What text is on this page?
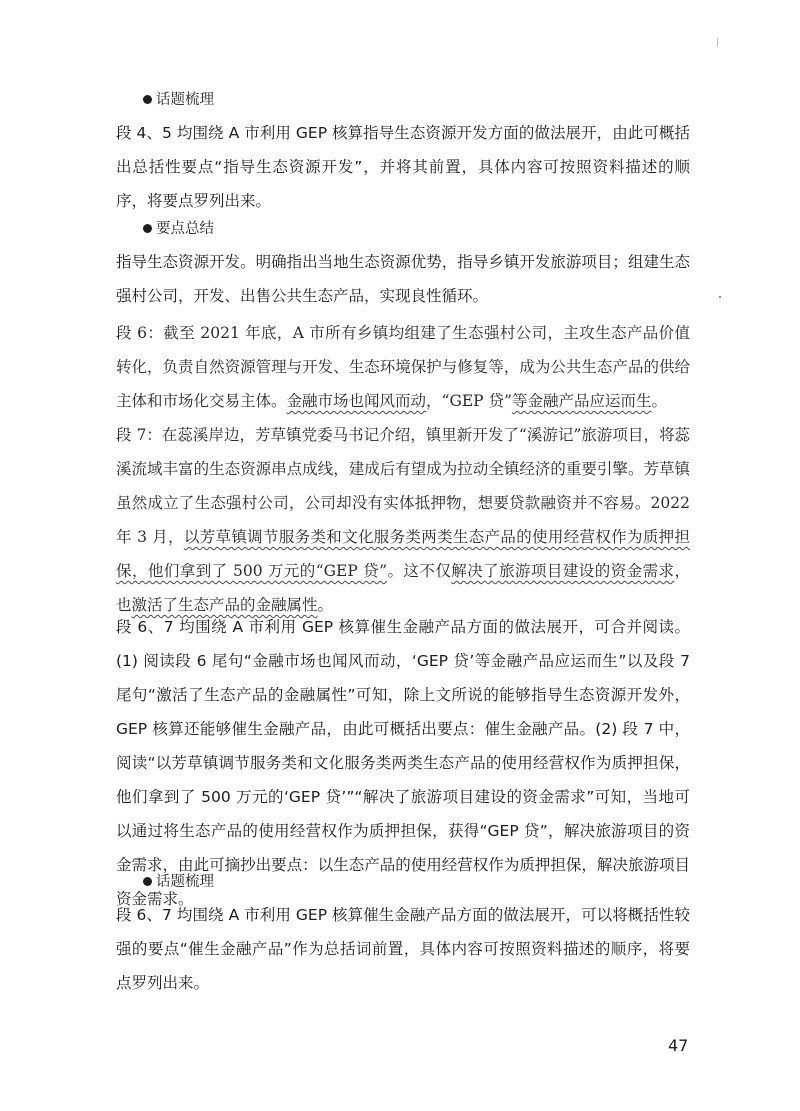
话题梳理
段 4、5 均围绕 A 市利用 GEP 核算指导生态资源开发方面的做法展开，由此可概括出总括性要点“指导生态资源开发”，并将其前置，具体内容可按照资料描述的顺序，将要点罗列出来。
要点总结
指导生态资源开发。明确指出当地生态资源优势，指导乡镇开发旅游项目；组建生态强村公司，开发、出售公共生态产品，实现良性循环。
段 6：截至 2021 年底，A 市所有乡镇均组建了生态强村公司，主攻生态产品价值转化，负责自然资源管理与开发、生态环境保护与修复等，成为公共生态产品的供给主体和市场化交易主体。金融市场也闻风而动，“GEP 贷”等金融产品应运而生。
段 7：在蕊溪岸边，芳草镇党委马书记介绍，镇里新开发了“溪游记”旅游项目，将蕊溪流域丰富的生态资源串点成线，建成后有望成为拉动全镇经济的重要引擎。芳草镇虽然成立了生态强村公司，公司却没有实体抵押物，想要贷款融资并不容易。2022 年 3 月，以芳草镇调节服务类和文化服务类两类生态产品的使用经营权作为质押担保，他们拿到了 500 万元的“GEP 贷”。这不仅解决了旅游项目建设的资金需求，也激活了生态产品的金融属性。
段 6、7 均围绕 A 市利用 GEP 核算催生金融产品方面的做法展开，可合并阅读。(1) 阅读段 6 尾句“金融市场也闻风而动，‘GEP 贷’等金融产品应运而生”以及段 7 尾句“激活了生态产品的金融属性”可知，除上文所说的能够指导生态资源开发外，GEP 核算还能够催生金融产品，由此可概括出要点：催生金融产品。(2) 段 7 中，阅读“以芳草镇调节服务类和文化服务类两类生态产品的使用经营权作为质押担保，他们拿到了 500 万元的‘GEP 贷’”“解决了旅游项目建设的资金需求”可知，当地可以通过将生态产品的使用经营权作为质押担保，获得“GEP 贷”，解决旅游项目的资金需求，由此可摘抄出要点：以生态产品的使用经营权作为质押担保，解决旅游项目资金需求。
话题梳理
段 6、7 均围绕 A 市利用 GEP 核算催生金融产品方面的做法展开，可以将概括性较强的要点“催生金融产品”作为总括词前置，具体内容可按照资料描述的顺序，将要点罗列出来。
47
